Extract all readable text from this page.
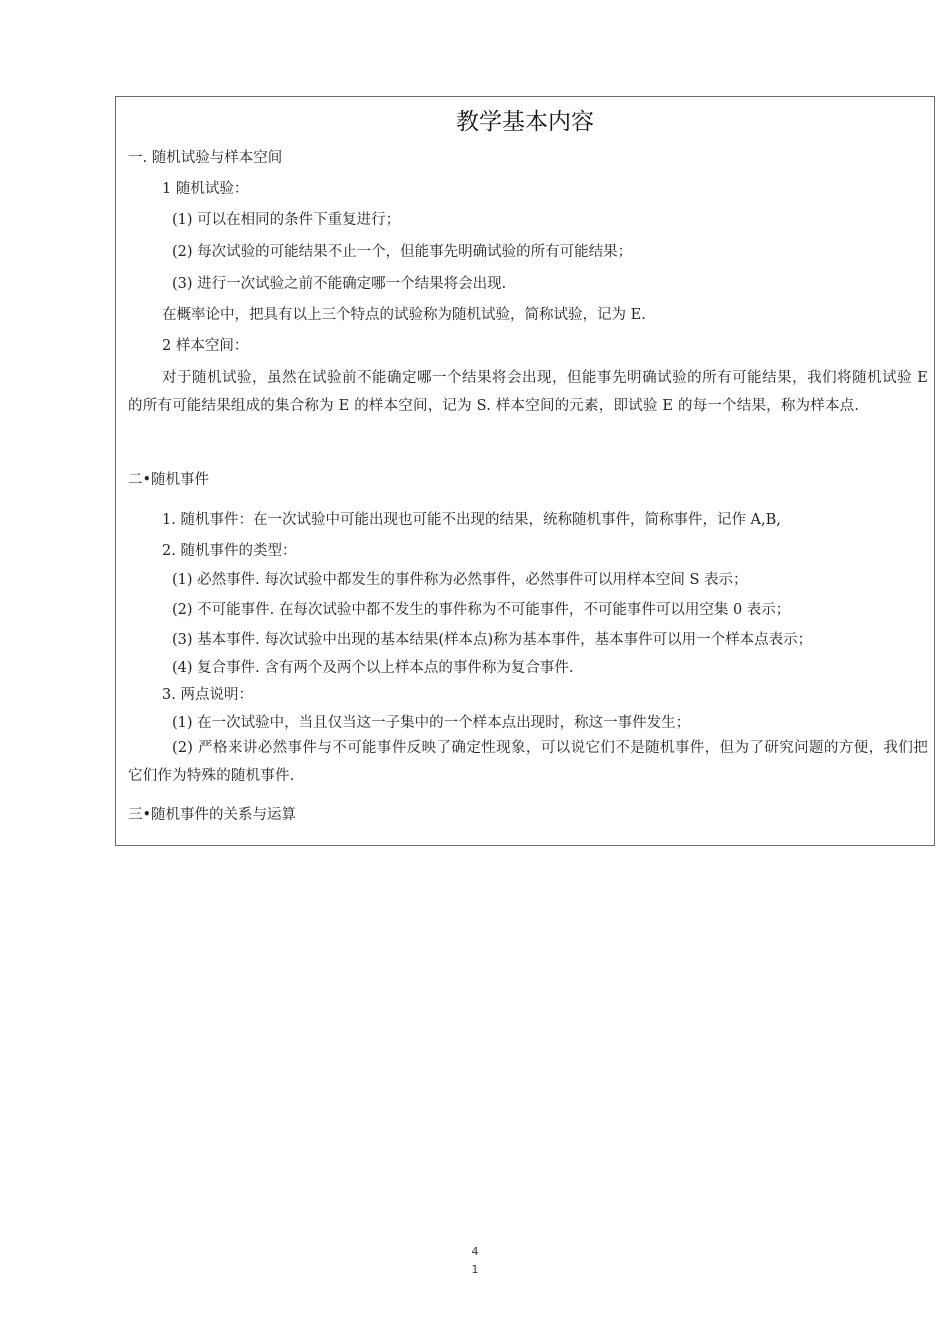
教学基本内容
一. 随机试验与样本空间
1 随机试验：
(1) 可以在相同的条件下重复进行；
(2) 每次试验的可能结果不止一个，但能事先明确试验的所有可能结果；
(3) 进行一次试验之前不能确定哪一个结果将会出现.
在概率论中，把具有以上三个特点的试验称为随机试验，简称试验，记为 E.
2 样本空间：
对于随机试验，虽然在试验前不能确定哪一个结果将会出现，但能事先明确试验的所有可能结果，我们将随机试验 E 的所有可能结果组成的集合称为 E 的样本空间，记为 S. 样本空间的元素，即试验 E 的每一个结果，称为样本点.
二•随机事件
1. 随机事件：在一次试验中可能出现也可能不出现的结果，统称随机事件，简称事件，记作 A,B,
2. 随机事件的类型：
(1) 必然事件. 每次试验中都发生的事件称为必然事件，必然事件可以用样本空间 S 表示；
(2) 不可能事件. 在每次试验中都不发生的事件称为不可能事件，不可能事件可以用空集 0 表示；
(3) 基本事件. 每次试验中出现的基本结果(样本点)称为基本事件，基本事件可以用一个样本点表示；
(4) 复合事件. 含有两个及两个以上样本点的事件称为复合事件.
3. 两点说明：
(1) 在一次试验中，当且仅当这一子集中的一个样本点出现时，称这一事件发生；
(2) 严格来讲必然事件与不可能事件反映了确定性现象，可以说它们不是随机事件，但为了研究问题的方便，我们把它们作为特殊的随机事件.
三•随机事件的关系与运算
4
1
